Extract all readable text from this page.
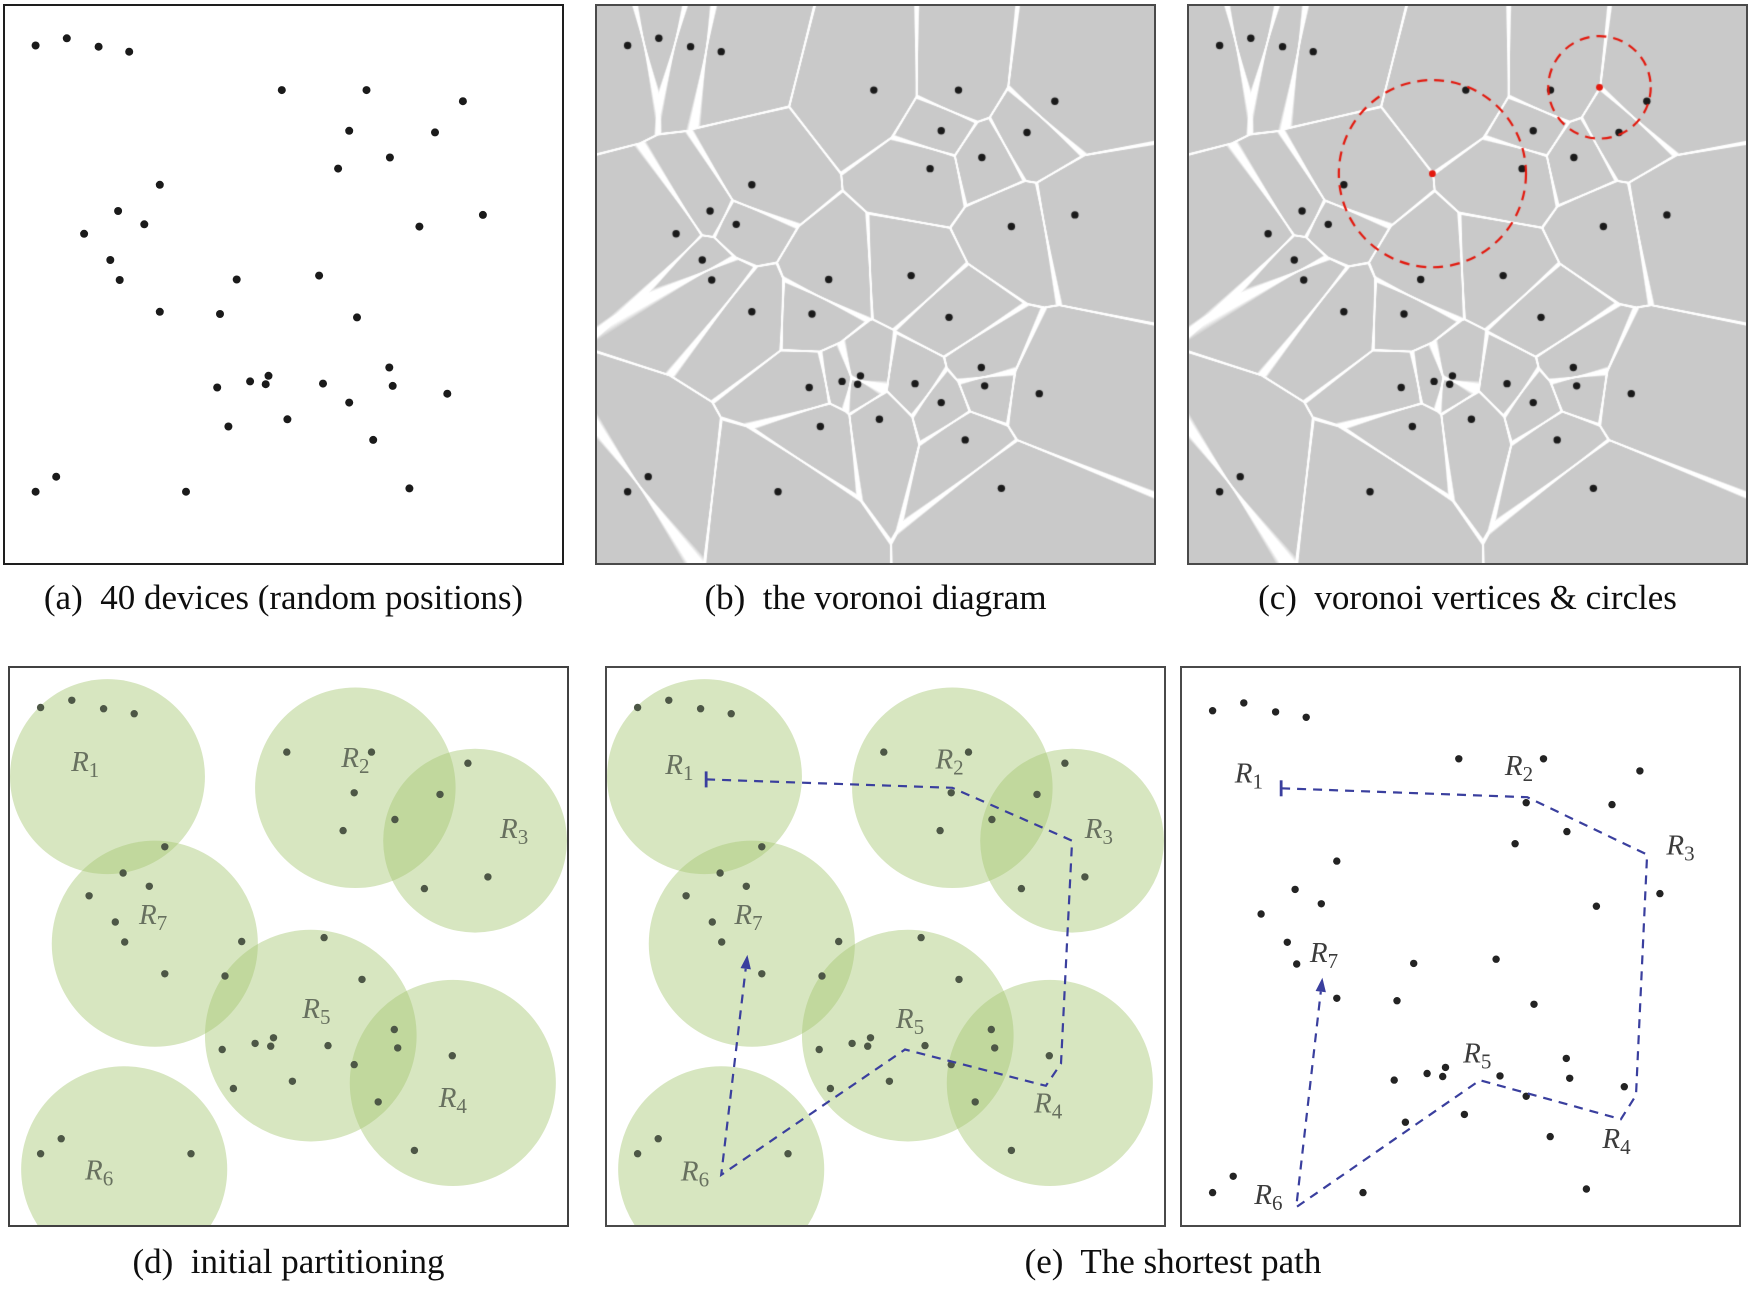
(a)  40 devices (random positions)	(b)  the voronoi diagram	(c)  voronoi vertices & circles
$R_1$	$R_2$
$R_3$
$R_4$
$R_5$
$R_6$
$R_7$
$R_1$	$R_2$
$R_3$
$R_4$
$R_5$
$R_6$
$R_7$
$R_1$	$R_2$
$R_3$
$R_4$
$R_5$
$R_6$
$R_7$
(d)  initial partitioning	(e)  The shortest path
